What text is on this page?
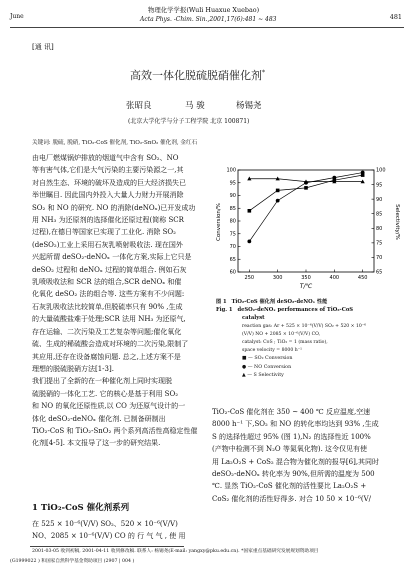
June
物理化学学报(Wuli Huaxue Xuebao)
Acta Phys. -Chim. Sin.,2001,17(6):481 ~ 483	481
[通 讯]
高效一体化脱硫脱硝催化剂*
张昭良	马 骏	杨锡尧
(北京大学化学与分子工程学院 北京 100871)
关键词: 脱硫, 脱硝, TiO₂-CoS 催化剂, TiO₂-SnO₂ 催化剂, 金红石
由电厂燃煤锅炉排放的烟道气中含有 SO₂、NO
等有害气体,它们是大气污染的主要污染源之一,其
对自然生态、环境的破坏及造成的巨大经济损失已
举世瞩目. 因此国内外投入大量人力财力开展消除
SO₂ 和 NO 的研究. NO 的消除(deNOₓ)已开发成功
用 NH₃ 为还原剂的选择催化还原过程(简称 SCR
过程),在德日等国家已实现了工业化. 消除 SO₂
(deSO₂)工业上采用石灰乳喷射吸收法. 现在国外
兴起所谓 deSO₂-deNOₓ 一体化方案,实际上它只是
deSO₂ 过程和 deNOₓ 过程的简单组合. 例如石灰
乳喷吸收法和 SCR 法的组合,SCR deNOₓ 和催
化氧化 deSO₂ 法的组合等. 这些方案有不少问题:
石灰乳吸收法比较简单,但脱硫率只有 90% ,生成
的大量硫酸盐难于处理;SCR 法用 NH₃ 为还原气,
存在运输、二次污染及工艺复杂等问题;催化氧化
硫、生成的稀硫酸会造成对环境的二次污染,限制了
其应用,还存在设备腐蚀问题. 总之,上述方案不是
理想的脱硫脱硝方法[1-3].
我们提出了全新的在一种催化剂上同时实现脱
硫脱硝的一体化工艺. 它的核心是基于利用 SO₂
和 NO 的氧化还原性质,以 CO 为还原气设计的一
体化 deSO₂-deNOₓ 催化剂. 已制备研制出
TiO₂-CoS 和 TiO₂-SnO₂ 两个系列高活性高稳定性催
化剂[4-5]. 本文报导了这一步的研究结果.
1 TiO₂-CoS 催化剂系列
在 525 × 10⁻⁶(V/V) SO₂、520 × 10⁻⁶(V/V)
NO、2085 × 10⁻⁶(V/V) CO 的 行 气 气 , 使 用
250	300	350	400	450
60
65
70
75
80
85
90
95
100
65
70
75
80
85
90
95
100
Conversion/%	Selectivity/%
T/℃
图 1 TiO₂-CoS 催化剂 deSO₂-deNOₓ 性能
Fig. 1 deSO₂-deNOₓ performances of TiO₂-CoS
catalyst
reaction gas: Ar + 525 × 10⁻⁶(V/V) SO₂ + 520 × 10⁻⁶
(V/V) NO + 2085 × 10⁻⁶(V/V) CO,
catalyst: CoS ; TiO₂ = 1 (mass ratio),
space velocity = 8000 h⁻¹
■ — SO₂ Conversion
● — NO Conversion
▲ — S Selectivity
TiO₂-CoS 催化剂在 350 ~ 400 ℃ 反应温度,空速
8000 h⁻¹ 下,SO₂ 和 NO 的转化率均达到 93% ,生成
S 的选择性超过 95% (图 1),N₂ 的选择性近 100%
(产物中检测不到 N₂O 等氮氧化物). 这令仅见有使
用 La₂O₂S + CoS₂ 混合物为催化剂的报导[6],其同时
deSO₂-deNOₓ 转化率为 90%,但所需的温度为 500
℃. 显然 TiO₂-CoS 催化剂的活性要比 La₂O₂S +
CoS₂ 催化剂的活性好得多. 对合 10 50 × 10⁻⁶(V/
2001-03-05 收到初稿, 2001-04-11 收到修改稿. 联系人: 杨锡尧(E-mail: yangxy@pku.edu.cn). *国家重点基础研究发展规划资助项目
(G1999022 ) 和国家自然科学基金资助项目 (2907 | 004 )
